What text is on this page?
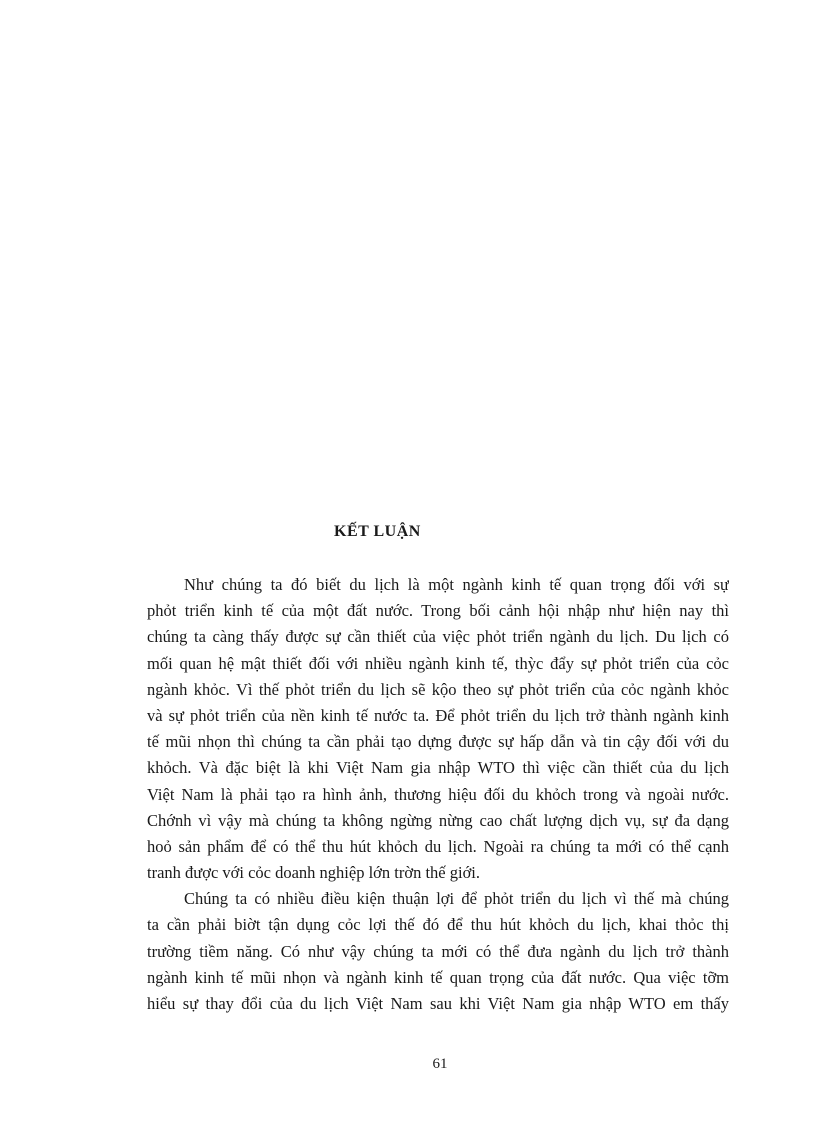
KẾT LUẬN
Như chúng ta đó biết du lịch là một ngành kinh tế quan trọng đối với sự
phỏt triển kinh tế của một đất nước. Trong bối cảnh hội nhập như hiện nay thì
chúng ta càng thấy được sự cần thiết của việc phỏt triển ngành du lịch. Du lịch có
mối quan hệ mật thiết đối với nhiều ngành kinh tế, thỳc đẩy sự phỏt triển của cỏc
ngành khỏc. Vì thế phỏt triển du lịch sẽ kộo theo sự phỏt triển của cỏc ngành khỏc
và sự phỏt triển của nền kinh tế nước ta. Để phỏt triển du lịch trở thành ngành kinh
tế mũi nhọn thì chúng ta cần phải tạo dựng được sự hấp dẫn và tin cậy đối với du
khỏch. Và đặc biệt là khi Việt Nam gia nhập WTO thì việc cần thiết của du lịch
Việt Nam là phải tạo ra hình ảnh, thương hiệu đối du khỏch trong và ngoài nước.
Chớnh vì vậy mà chúng ta không ngừng nừng cao chất lượng dịch vụ, sự đa dạng
hoỏ sản phẩm để có thể thu hút khỏch du lịch. Ngoài ra chúng ta mới có thể cạnh
tranh được với cỏc doanh nghiệp lớn trờn thế giới.
Chúng ta có nhiều điều kiện thuận lợi để phỏt triển du lịch vì thế mà chúng
ta cần phải biờt tận dụng cỏc lợi thế đó để thu hút khỏch du lịch, khai thỏc thị
trường tiềm năng. Có như vậy chúng ta mới có thể đưa ngành du lịch trở thành
ngành kinh tế mũi nhọn và ngành kinh tế quan trọng của đất nước. Qua việc tỡm
hiểu sự thay đổi của du lịch Việt Nam sau khi Việt Nam gia nhập WTO em thấy
61
